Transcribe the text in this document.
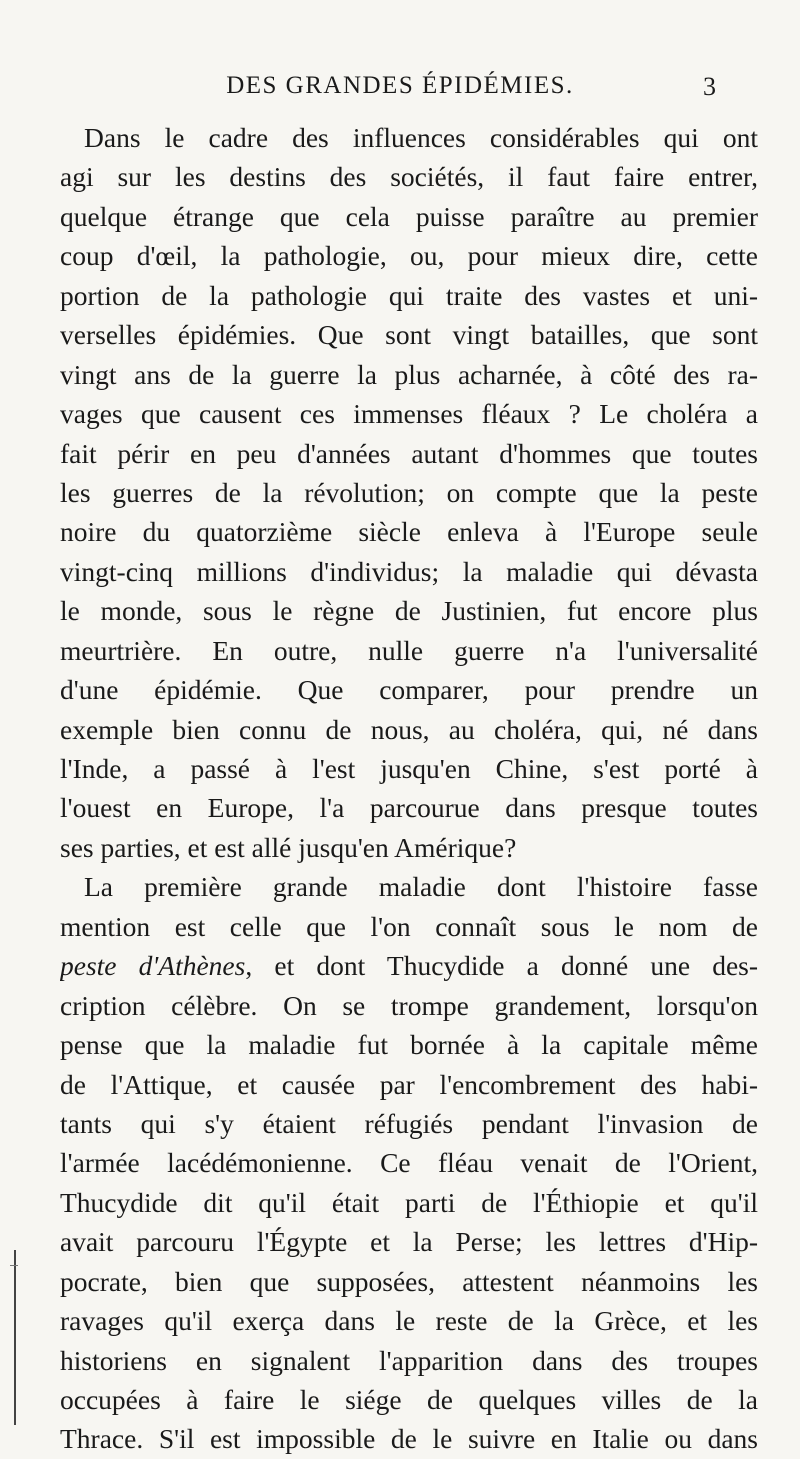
DES GRANDES ÉPIDÉMIES.	3
Dans le cadre des influences considérables qui ont
agi sur les destins des sociétés, il faut faire entrer,
quelque étrange que cela puisse paraître au premier
coup d'œil, la pathologie, ou, pour mieux dire, cette
portion de la pathologie qui traite des vastes et uni-
verselles épidémies. Que sont vingt batailles, que sont
vingt ans de la guerre la plus acharnée, à côté des ra-
vages que causent ces immenses fléaux ? Le choléra a
fait périr en peu d'années autant d'hommes que toutes
les guerres de la révolution; on compte que la peste
noire du quatorzième siècle enleva à l'Europe seule
vingt-cinq millions d'individus; la maladie qui dévasta
le monde, sous le règne de Justinien, fut encore plus
meurtrière. En outre, nulle guerre n'a l'universalité
d'une épidémie. Que comparer, pour prendre un
exemple bien connu de nous, au choléra, qui, né dans
l'Inde, a passé à l'est jusqu'en Chine, s'est porté à
l'ouest en Europe, l'a parcourue dans presque toutes
ses parties, et est allé jusqu'en Amérique?
La première grande maladie dont l'histoire fasse
mention est celle que l'on connaît sous le nom de
peste d'Athènes, et dont Thucydide a donné une des-
cription célèbre. On se trompe grandement, lorsqu'on
pense que la maladie fut bornée à la capitale même
de l'Attique, et causée par l'encombrement des habi-
tants qui s'y étaient réfugiés pendant l'invasion de
l'armée lacédémonienne. Ce fléau venait de l'Orient,
Thucydide dit qu'il était parti de l'Éthiopie et qu'il
avait parcouru l'Égypte et la Perse; les lettres d'Hip-
pocrate, bien que supposées, attestent néanmoins les
ravages qu'il exerça dans le reste de la Grèce, et les
historiens en signalent l'apparition dans des troupes
occupées à faire le siége de quelques villes de la
Thrace. S'il est impossible de le suivre en Italie ou dans
